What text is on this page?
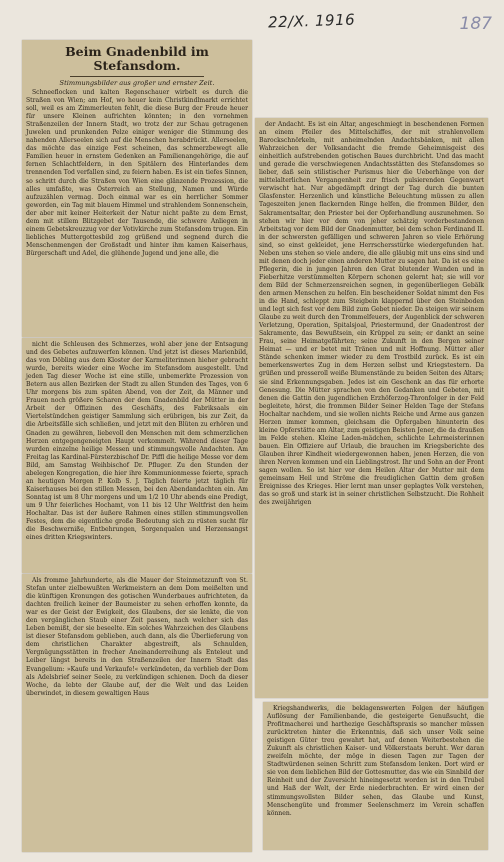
22/X. 1916	187
Beim Gnadenbild im Stefansdom.
Stimmungsbilder aus großer und ernster Zeit.

Schneeflocken und kalten Regenschauer wirbelt es durch die Straßen von Wien; am Hof, wo heuer kein Christkindlmarkt errichtet soll, weil es am Zimmerleuten fehlt, die diese Burg der Freude heuer für unsere Kleinen aufrichten könnten; in den vornehmen Straßenzeilen der Innern Stadt, wo trotz der zur Schau getragenen Juwelen und prunkenden Pelze einiger weniger die Stimmung des nahenden Allerseelen sich auf die Menschen herabdrückt. Allerseelen, das möchte das einzige Fest scheinen, das schmerzbewegt alle Familien heuer in ernstem Gedenken an Familienangehörige, die auf fernen Schlachtfeldern, in den Spitälern des Hinterlandes dem trennenden Tod verfallen sind, zu feiern haben. Es ist ein tiefes Sinnen, so schritt durch die Straßen von Wien eine glänzende Prozession, die alles umfaßte, was Österreich an Stellung, Namen und Würde aufzuzählen vermag. Doch einmal war es ein herrlicher Sommer geworden, ein Tag mit blauem Himmel und strahlendem Sonnenschein, der aber mit keiner Heiterkeit der Natur nicht paßte zu dem Ernst, dem mit stillem Blitzgebet der Tausende, die schwere Anliegen in einem Gebetskreuzzug vor der Votivkirche zum Stefansdom trugen. Ein liebliches Muttergottesbild zog grüßend und segnend durch die Menschenmengen der Großstadt und hinter ihm kamen Kaiserhaus, Bürgerschaft und Adel, die glühende Jugend und jene alle, die

nicht die Schleusen des Schmerzes, wohl aber jene der Entsagung und des Gebetes aufzuwerfen können. Und jetzt ist dieses Marienbild, das von Döbling aus dem Kloster der Karmeliterinnen hieher gebracht wurde, bereits wieder eine Woche im Stefansdom ausgestellt. Und jeden Tag dieser Woche ist eine stille, unbemerkte Prozession von Betern aus allen Bezirken der Stadt zu allen Stunden des Tages, von 6 Uhr morgens bis zum späten Abend, von der Zeit, da Männer und Frauen noch größere Scharen der dem Gnadenbild der Mütter in der Arbeit der Offizinen des Geschäfts, des Fabriksaals ein Viertelstündchen geistiger Sammlung sich erübrigen, bis zur Zeit, da die Arbeitsfälle sich schließen, und jetzt mit den Blüten zu erhören und Gnaden zu gewähren, liebevoll den Menschen mit dem schmerzlichen Herzen entgegengeneigten Haupt verkommelt. Während dieser Tage wurden einzelne heilige Messen und stimmungsvolle Andachten. Am Freitag las Kardinal-Fürsterzbischof Dr. Piffl die heilige Messe vor dem Bild, am Samstag Weihbischof Dr. Pfluger. Zu den Stunden der abelegen Kongregation, die hier ihre Kommunionmesse feierte, sprach an heutigen Morgen P. Kolb S. J. Täglich feierte jetzt täglich für Kaiserhauses bei den stillen Messen, bei den Abendandachten ein. Am Sonntag ist um 8 Uhr morgens und um 1/2 10 Uhr abends eine Predigt, um 9 Uhr feierliches Hochamt, von 11 bis 12 Uhr Weltfrist den heim Hochaltar. Das ist der äußere Rahmen eines stillen stimmungsvollen Festes, dem die eigentliche große Bedeutung sich zu rüsten sucht für die Beschwerniße, Entbehrungen, Sorgenqualen und Herzensangst eines dritten Kriegswinters.

Als fromme Jahrhunderte, als die Mauer der Steinmetzzunft von St. Stefan unter zielbewußten Werkmeistern an dem Dom meißelten und die künftigen Kronungen des gotischen Wunderbaues aufrichteten, da dachten freilich keiner der Baumeister zu sehen erhoffen konnte, da war es der Geist der Ewigkeit, des Glaubens, der sie lenkte, die von den vergänglichen Staub einer Zeit passen, nach welcher sich das Leben bemißt, der sie beseelte. Ein solches Wahrzeichen des Glaubens ist dieser Stefansdom geblieben, auch dann, als die Überlieferung von dem christlichen Charakter abgestreift, als Schnulden, Vergnügungsstätten in frecher Aneinanderreihung als Enteleut und Leiber längst bereits in den Straßenzeilen der Innern Stadt das Evangelium: »Kaufe und Verkaufe!« verkündeten, da verblieb der Dom als Adelsbrief seiner Seele, zu verkündigen schienen. Doch da dieser Woche, da lebte der Glaube auf, der die Welt und das Leiden überwindet, in diesem gewaltigen Haus

der Andacht. Es ist ein Altar, angeschmiegt in beschendenen Formen an einem Pfeiler des Mittelschiffes, der mit strahlenvollem Barockschnörkeln, mit anheimelnden Andachtsbänken, mit allen Wahrzeichen der Volksandacht die fremde Geheimnisgeist des einheitlich aufstrebenden gotischen Baues durchbricht. Und das macht und gerade die verschwiegenen Andachtsstätten des Stefansdomes so lieber, daß sein stilistischer Purismus hier die Ueberhänge von der mittelalterlichen Vergangenheit zur frisch pulsierenden Gegenwart verwischt hat. Nur abgedämpft dringt der Tag durch die bunten Glasfenster. Herzenlich und künstliche Beleuchtung müssen zu allen Tageszeiten jenen flackernden Ringe helfen, die frommen Bilder, den Sakramentsaltar, den Priester bei der Opferhandlung auszunehmen. So stehen wir hier vor dem von jeher schätzig vorderbestandenen Arbeitstag vor dem Bild der Gnadenmutter, bei dem schon Ferdinand II. in der schwersten gefälligen und schweren Jahren so viele Erhörung sind, so einst gekleidet, jene Herrschersstürke wiedergefunden hat. Neben uns stehen so viele andere, die alle gläubig mit uns eins sind und mit denen doch jeder einen anderen Mutter zu sagen hat. Da ist es eine Pflegerin, die in jungen Jahren den Grat blutender Wunden und in Fieberhitze verstümmelten Körpern schonen gelernt hat; sie will vor dem Bild der Schmerzensreichen segnen, in gegenüberliegen Gebälk den armen Menschen zu helfen. Ein bescheidener Soldat nimmt den Fes in die Hand, schleppt zum Steigbein klappernd über den Steinboden und legt sich fest vor dem Bild zum Gebet nieder. Da steigen wir seinem Glaube zu weit durch den Trommelfeuers, der Augenblick der schweren Verletzung, Operation, Spitalsjoal, Priestermund, der Gnadentrost der Sakramente, das Bewußtsein, ein Krüppel zu sein; er dankt an seine Frau, seine Heimatgefährten; seine Zukunft in den Bergen seiner Heimat — und er betet mit Tränen und mit Hoffnung. Mütter aller Stände schenken immer wieder zu dem Trostbild zurück. Es ist ein bemerkenswertes Zug in dem Herzen selbst und Kriegstestern. Da grüßen und presseroll weiße Blumenstände zu beiden Seiten des Altars; sie sind Erkennungsgaben. Jedes ist ein Geschenk an das für erhorte Genesung. Die Mütter sprachen von den Gedanken und Gebeten, mit denen die Gattin den jugendlichen Erzhöferzog-Thronfolger in der Feld begleitete, hörst, die frommen Bilder Seiner Helden Tage der Stefans Hochaltar nachdem, und sie wollen nichts Reiche und Arme aus ganzen Herzen immer kommen, gleichsam die Opfergaben hinunterin des kleine Opferstätte am Altar, zum geistigen Beisten Jener, die da draußen im Felde stehen. Kleine Laden-mädchen, schlichte Lehrmeisterinnen bauen. Ein Offiziere auf Urlaub, die brauchen im Kriegsberichte des Glauben ihrer Kindheit wiedergewonnen haben, jenen Herzen, die von ihren Nerven kommen und ein Lieblingstrost. Ihr und Sohn an der Front sagen wollen. So ist hier vor dem Heilen Altar der Mutter mit dem gemeinsam Heil und Ströme die freudiglichen Gattin dem großen Ereignisse des Krieges. Hier lernt man unser geplagtes Volk verstehen, das so groß und stark ist in seiner christlichen Selbstzucht. Die Rohheit des zweijährigen

Kriegshandwerks, die beklagenswerten Folgen der häufigen Auflösung der Familienbande, die gesteigerte Genußsucht, die Profitmacherei und harthezige Geschäftspraxis so mancher müssen zurücktreten hinter die Erkenntnis, daß sich unser Volk seine geistigen Güter treu gewahrt hat, auf denen Weiterbestehen die Zukunft als christlichen Kaiser- und Völkerstaats beruht. Wer daran zweifeln möchte, der möge in diesen Tagen zur Tagen der Stadtwürdenen seinen Schritt zum Stefansdom lenken. Dort wird er sie von dem lieblichen Bild der Gottesmutter, das wie ein Sinnbild der Reinheit und der Zuversicht hineingesetzt worden ist in den Trubel und Haß der Welt, der Erde niederbrachten. Er wird einen der stimmungsvollsten Bilder sehen, das Glaube und Kunst, Menschengüte und frommer Seelenschmerz im Verein schaffen können.
